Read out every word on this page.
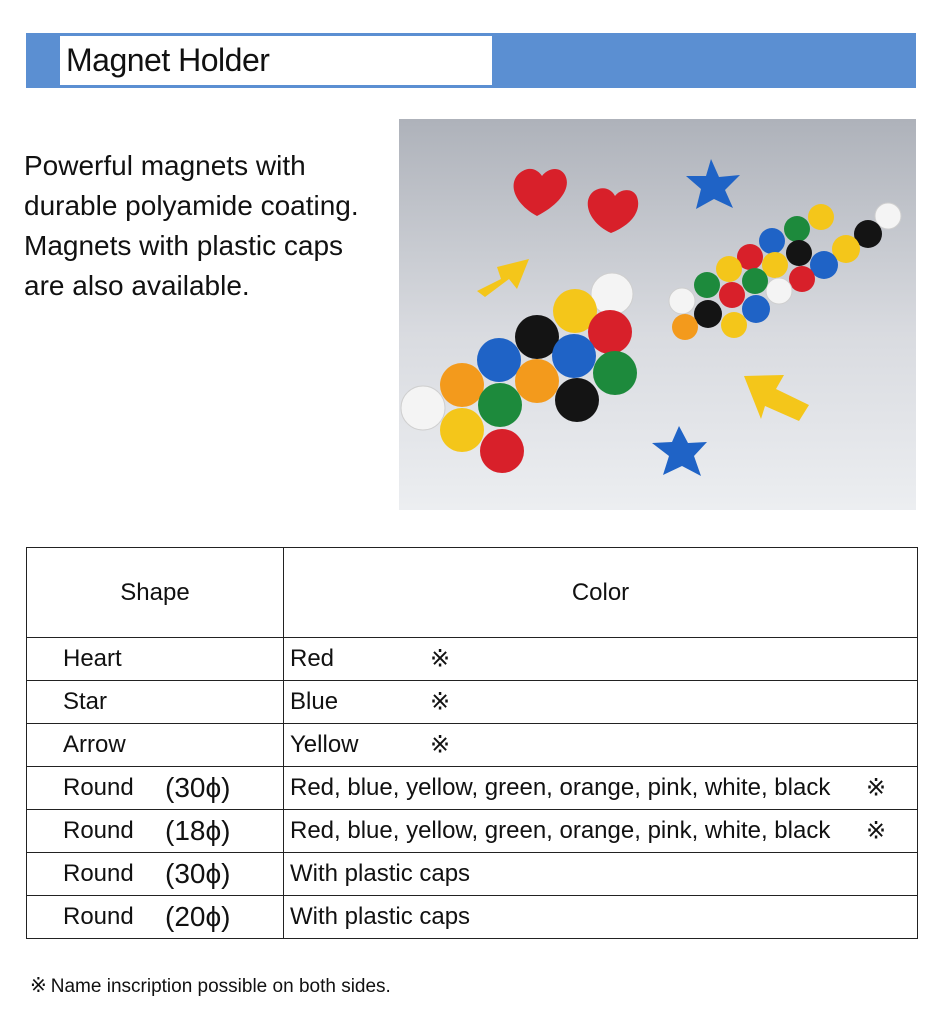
Magnet Holder
Powerful magnets with
durable polyamide coating.
Magnets with plastic caps
are also available.
Shape	Color
Heart	Red ※

Star	Blue ※

Arrow	Yellow ※

Round (30ϕ)	Red, blue, yellow, green, orange, pink, white, black ※

Round (18ϕ)	Red, blue, yellow, green, orange, pink, white, black ※

Round (30ϕ)	With plastic caps
Round (20ϕ)	With plastic caps
※ Name inscription possible on both sides.
